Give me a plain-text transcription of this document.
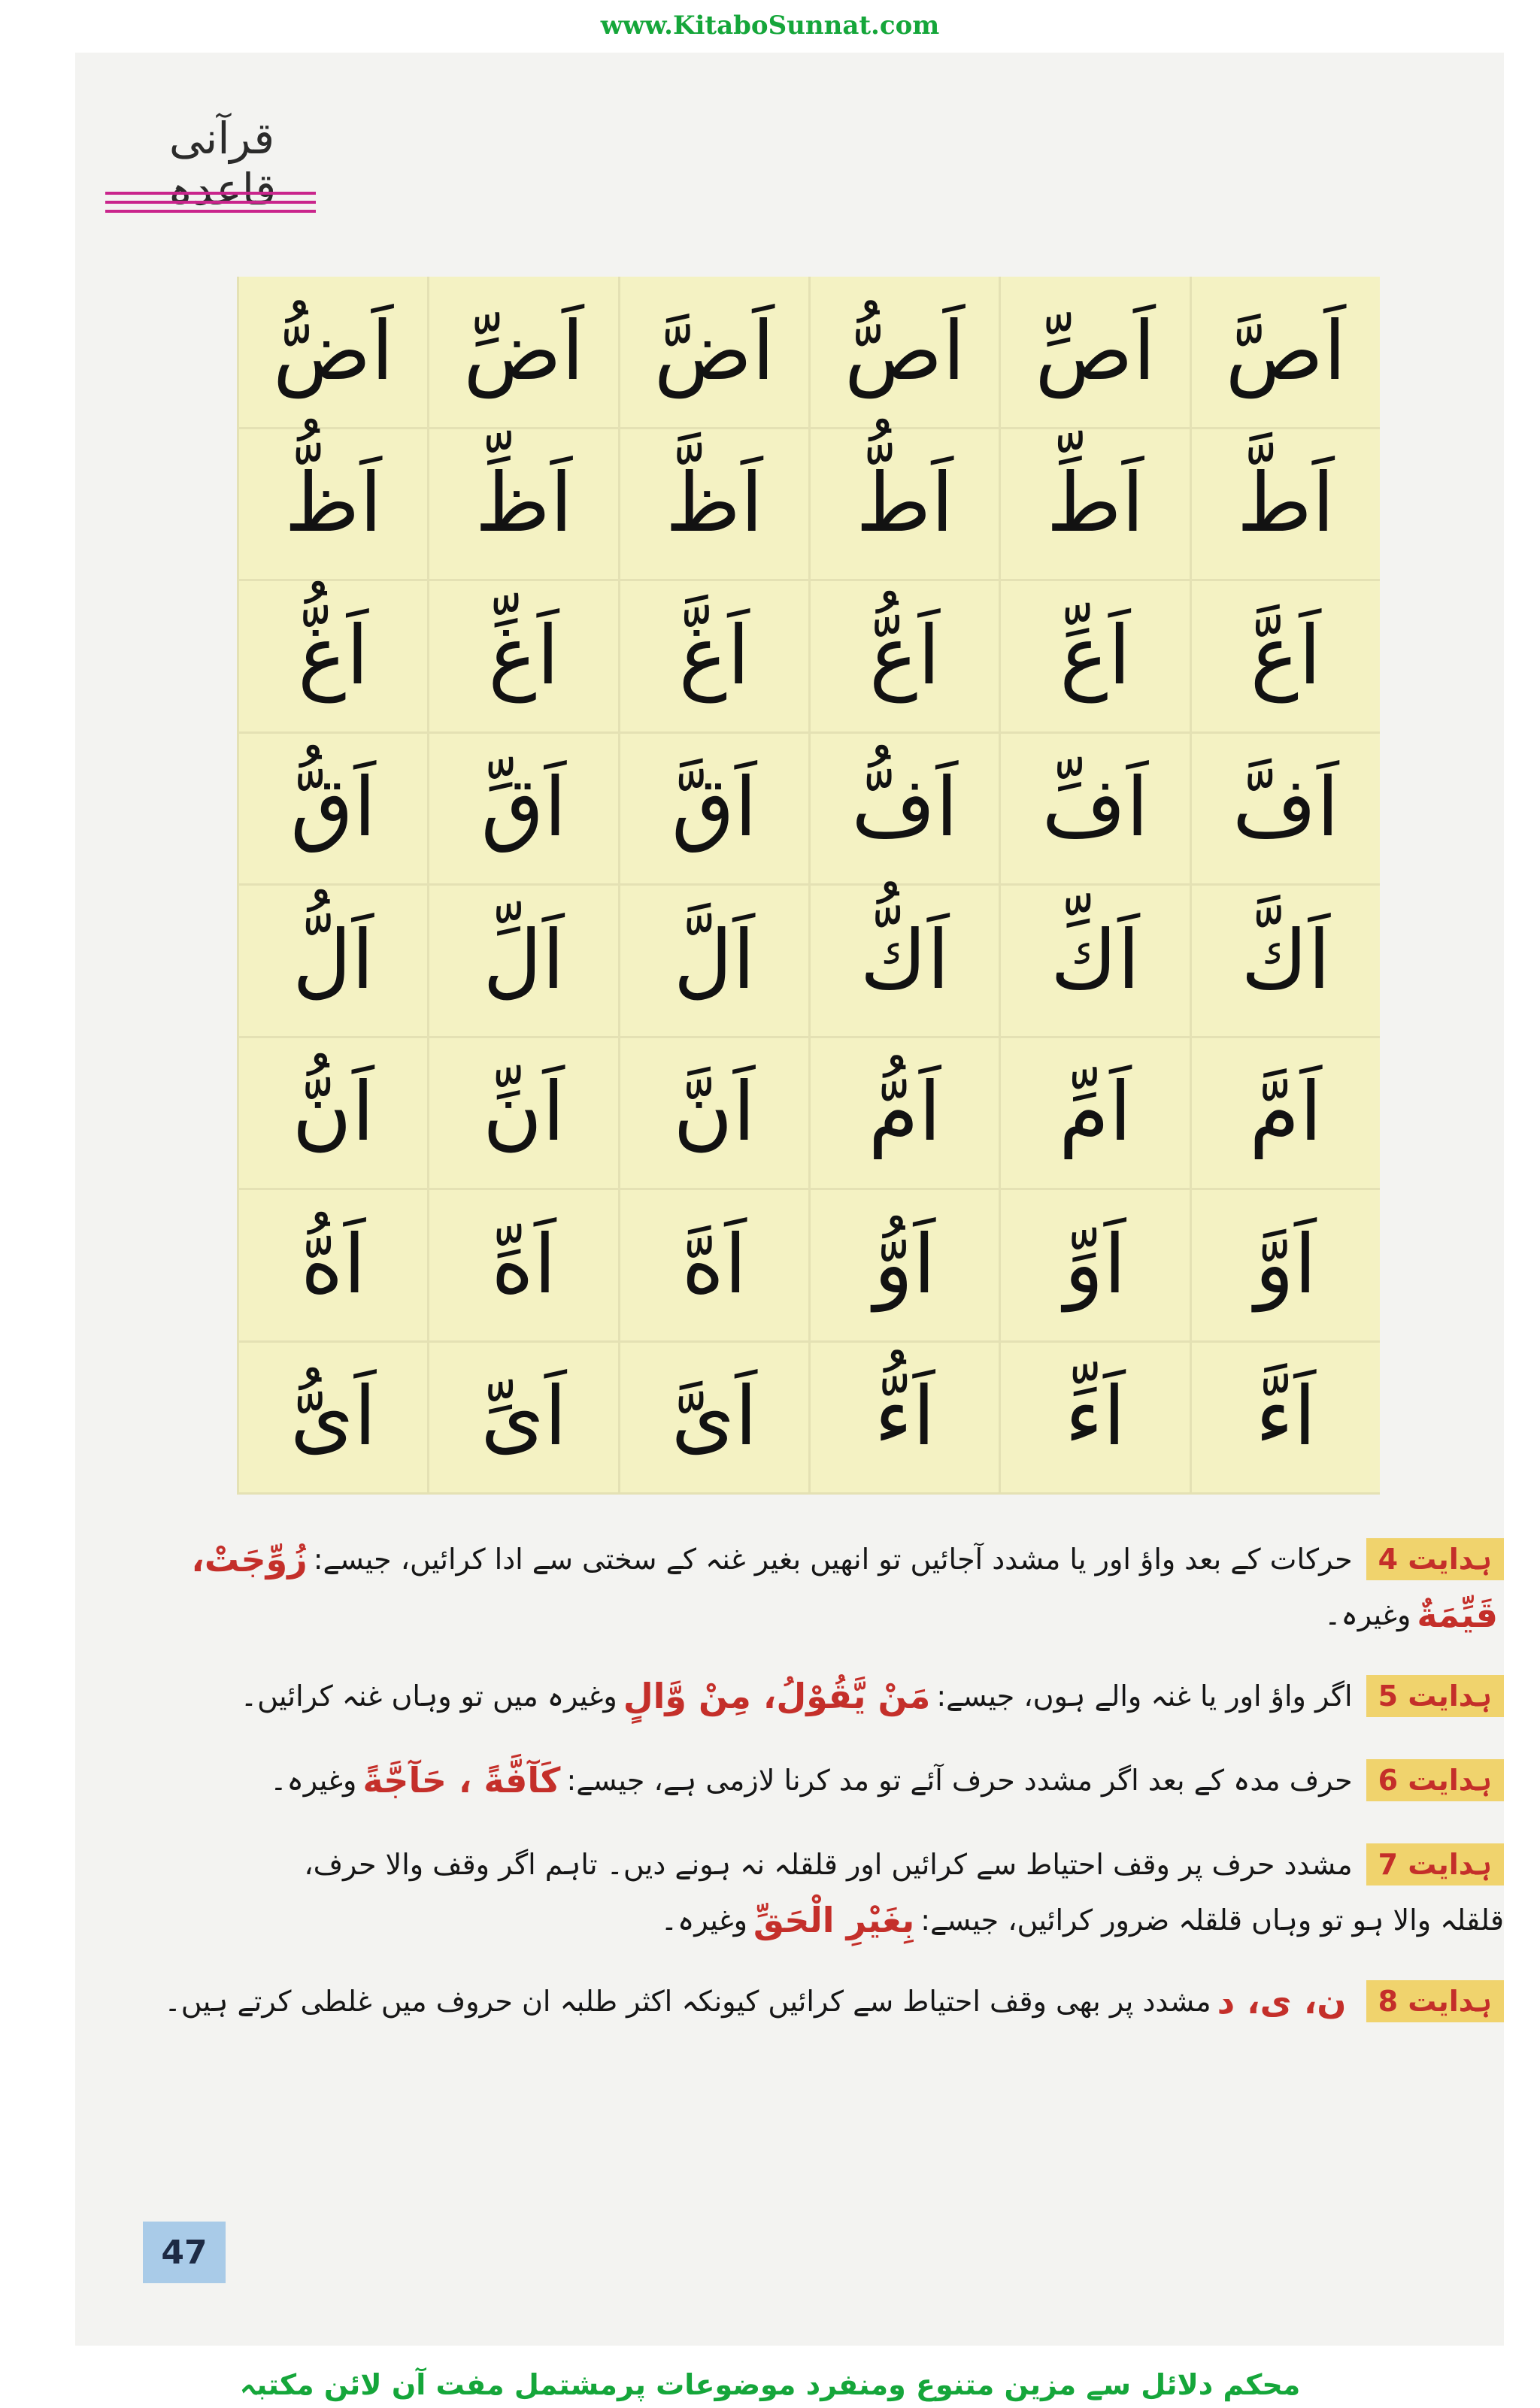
www.KitaboSunnat.com
قرآنی قاعدہ
اَصَّ
اَصِّ
اَصُّ
اَضَّ
اَضِّ
اَضُّ
اَطَّ
اَطِّ
اَطُّ
اَظَّ
اَظِّ
اَظُّ
اَعَّ
اَعِّ
اَعُّ
اَغَّ
اَغِّ
اَغُّ
اَفَّ
اَفِّ
اَفُّ
اَقَّ
اَقِّ
اَقُّ
اَكَّ
اَكِّ
اَكُّ
اَلَّ
اَلِّ
اَلُّ
اَمَّ
اَمِّ
اَمُّ
اَنَّ
اَنِّ
اَنُّ
اَوَّ
اَوِّ
اَوُّ
اَهَّ
اَهِّ
اَهُّ
اَءَّ
اَءِّ
اَءُّ
اَیَّ
اَیِّ
اَیُّ
ہدایت 4
حرکات کے بعد واؤ اور یا مشدد آجائیں تو انھیں بغیر غنہ کے سختی سے ادا کرائیں، جیسے:
زُوِّجَتْ،
قَیِّمَةٌ
وغیرہ۔
ہدایت 5
اگر واؤ اور یا غنہ والے ہوں، جیسے:
مَنْ یَّقُوْلُ، مِنْ وَّالٍ
وغیرہ میں تو وہاں غنہ کرائیں۔
ہدایت 6
حرف مدہ کے بعد اگر مشدد حرف آئے تو مد کرنا لازمی ہے، جیسے:
كَآفَّةً ، حَآجَّةً
وغیرہ۔
ہدایت 7
مشدد حرف پر وقف احتیاط سے کرائیں اور قلقلہ نہ ہونے دیں۔ تاہم اگر وقف والا حرف،
قلقلہ والا ہو تو وہاں قلقلہ ضرور کرائیں، جیسے:
بِغَيْرِ الْحَقِّ
وغیرہ۔
ہدایت 8
ن، ی، د
مشدد پر بھی وقف احتیاط سے کرائیں کیونکہ اکثر طلبہ ان حروف میں غلطی کرتے ہیں۔
47
محکم دلائل سے مزین متنوع ومنفرد موضوعات پرمشتمل مفت آن لائن مکتبہ
